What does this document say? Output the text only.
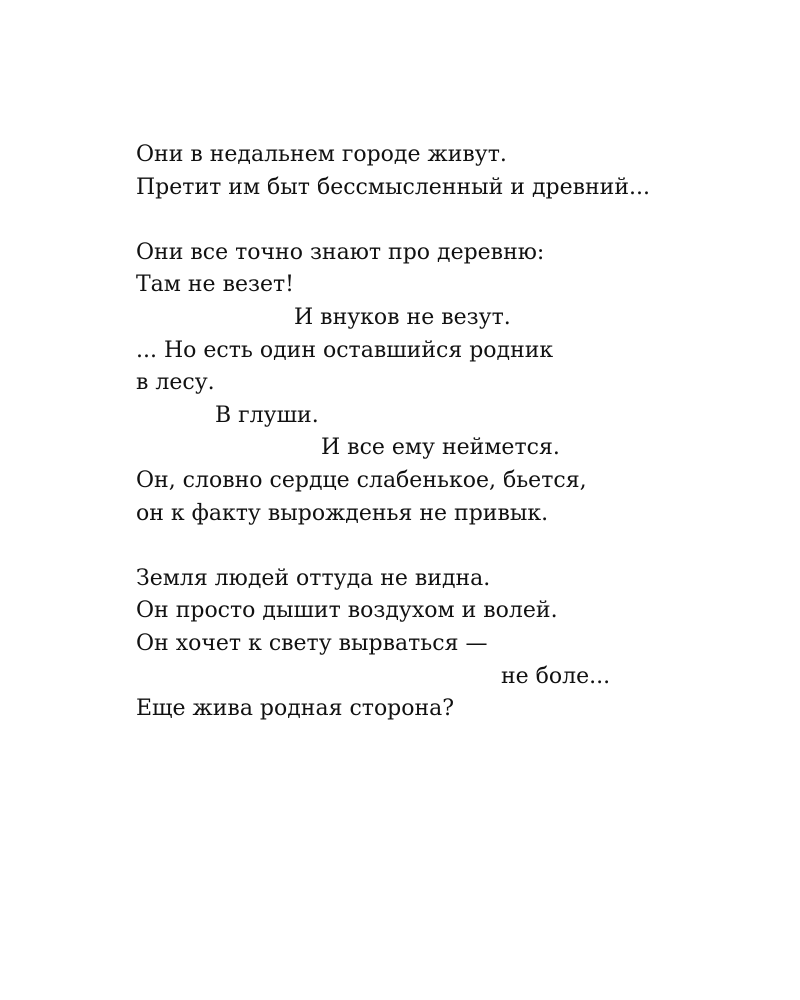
Они в недальнем городе живут.
Претит им быт бессмысленный и древний...
Они все точно знают про деревню:
Там не везет!
И внуков не везут.
... Но есть один оставшийся родник
в лесу.
В глуши.
И все ему неймется.
Он, словно сердце слабенькое, бьется,
он к факту вырожденья не привык.
Земля людей оттуда не видна.
Он просто дышит воздухом и волей.
Он хочет к свету вырваться —
не боле...
Еще жива родная сторона?
